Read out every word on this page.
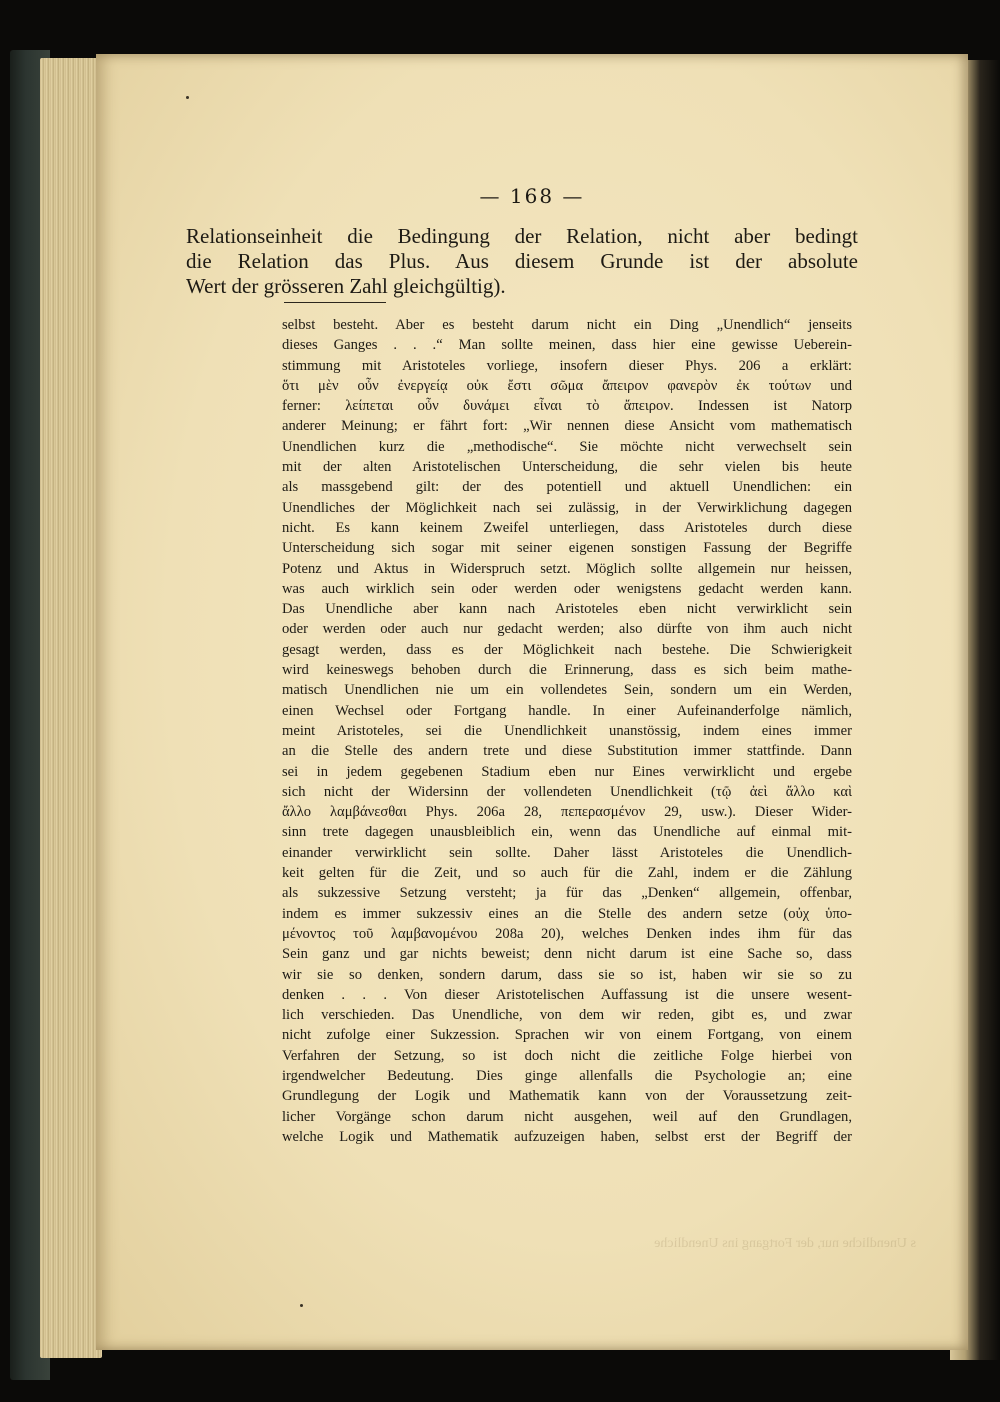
— 168 —
s Unendliche nur, der Fortgang ins Unendliche
Relationseinheit die Bedingung der Relation, nicht aber bedingt
die Relation das Plus. Aus diesem Grunde ist der absolute
Wert der grösseren Zahl gleichgültig).
selbst besteht. Aber es besteht darum nicht ein Ding „Unendlich“ jenseits
dieses Ganges . . .“ Man sollte meinen, dass hier eine gewisse Ueberein-
stimmung mit Aristoteles vorliege, insofern dieser Phys. 206 a erklärt:
ὅτι μὲν οὖν ἐνεργείᾳ οὐκ ἔστι σῶμα ἄπειρον φανερὸν ἐκ τούτων und
ferner: λείπεται οὖν δυνάμει εἶναι τὸ ἄπειρον. Indessen ist Natorp
anderer Meinung; er fährt fort: „Wir nennen diese Ansicht vom mathematisch
Unendlichen kurz die „methodische“. Sie möchte nicht verwechselt sein
mit der alten Aristotelischen Unterscheidung, die sehr vielen bis heute
als massgebend gilt: der des potentiell und aktuell Unendlichen: ein
Unendliches der Möglichkeit nach sei zulässig, in der Verwirklichung dagegen
nicht. Es kann keinem Zweifel unterliegen, dass Aristoteles durch diese
Unterscheidung sich sogar mit seiner eigenen sonstigen Fassung der Begriffe
Potenz und Aktus in Widerspruch setzt. Möglich sollte allgemein nur heissen,
was auch wirklich sein oder werden oder wenigstens gedacht werden kann.
Das Unendliche aber kann nach Aristoteles eben nicht verwirklicht sein
oder werden oder auch nur gedacht werden; also dürfte von ihm auch nicht
gesagt werden, dass es der Möglichkeit nach bestehe. Die Schwierigkeit
wird keineswegs behoben durch die Erinnerung, dass es sich beim mathe-
matisch Unendlichen nie um ein vollendetes Sein, sondern um ein Werden,
einen Wechsel oder Fortgang handle. In einer Aufeinanderfolge nämlich,
meint Aristoteles, sei die Unendlichkeit unanstössig, indem eines immer
an die Stelle des andern trete und diese Substitution immer stattfinde. Dann
sei in jedem gegebenen Stadium eben nur Eines verwirklicht und ergebe
sich nicht der Widersinn der vollendeten Unendlichkeit (τῷ ἀεὶ ἄλλο καὶ
ἄλλο λαμβάνεσθαι Phys. 206a 28, πεπερασμένον 29, usw.). Dieser Wider-
sinn trete dagegen unausbleiblich ein, wenn das Unendliche auf einmal mit-
einander verwirklicht sein sollte. Daher lässt Aristoteles die Unendlich-
keit gelten für die Zeit, und so auch für die Zahl, indem er die Zählung
als sukzessive Setzung versteht; ja für das „Denken“ allgemein, offenbar,
indem es immer sukzessiv eines an die Stelle des andern setze (οὐχ ὑπο-
μένοντος τοῦ λαμβανομένου 208a 20), welches Denken indes ihm für das
Sein ganz und gar nichts beweist; denn nicht darum ist eine Sache so, dass
wir sie so denken, sondern darum, dass sie so ist, haben wir sie so zu
denken . . . Von dieser Aristotelischen Auffassung ist die unsere wesent-
lich verschieden. Das Unendliche, von dem wir reden, gibt es, und zwar
nicht zufolge einer Sukzession. Sprachen wir von einem Fortgang, von einem
Verfahren der Setzung, so ist doch nicht die zeitliche Folge hierbei von
irgendwelcher Bedeutung. Dies ginge allenfalls die Psychologie an; eine
Grundlegung der Logik und Mathematik kann von der Voraussetzung zeit-
licher Vorgänge schon darum nicht ausgehen, weil auf den Grundlagen,
welche Logik und Mathematik aufzuzeigen haben, selbst erst der Begriff der
